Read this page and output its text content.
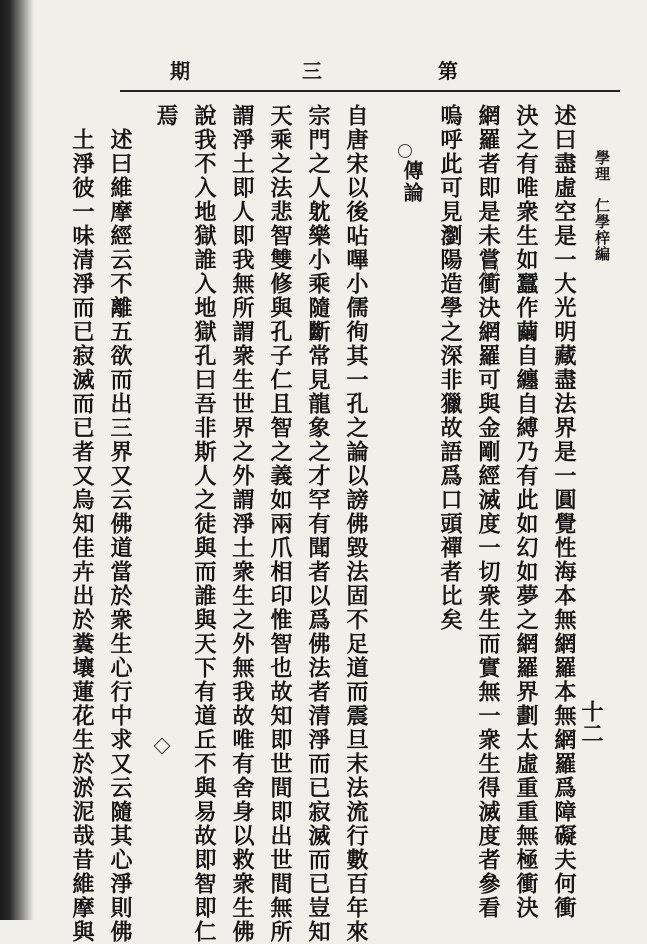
期	三	第
學理
仁學梓編
十二
述曰盡虛空是一大光明藏盡法界是一圓覺性海本無網羅本無網羅爲障礙夫何衝
決之有唯衆生如蠶作繭自纏自縛乃有此如幻如夢之網羅界劃太虛重重無極衝決
網羅者即是未嘗衝決網羅可與金剛經滅度一切衆生而實無一衆生得滅度者參看
嗚呼此可見瀏陽造學之深非獵故語爲口頭禪者比矣
傳論
自唐宋以後呫嗶小儒徇其一孔之論以謗佛毀法固不足道而震旦末法流行數百年來
宗門之人躭樂小乘隨斷常見龍象之才罕有聞者以爲佛法者清淨而已寂滅而已豈知
天乘之法悲智雙修與孔子仁且智之義如兩爪相印惟智也故知即世間即出世間無所
謂淨土即人即我無所謂衆生世界之外謂淨土衆生之外無我故唯有舍身以救衆生佛
說我不入地獄誰入地獄孔曰吾非斯人之徒與而誰與天下有道丘不與易故即智即仁
焉
述曰維摩經云不離五欲而出三界又云佛道當於衆生心行中求又云隨其心淨則佛
土淨彼一味清淨而已寂滅而已者又烏知佳卉出於糞壤蓮花生於淤泥哉昔維摩與
